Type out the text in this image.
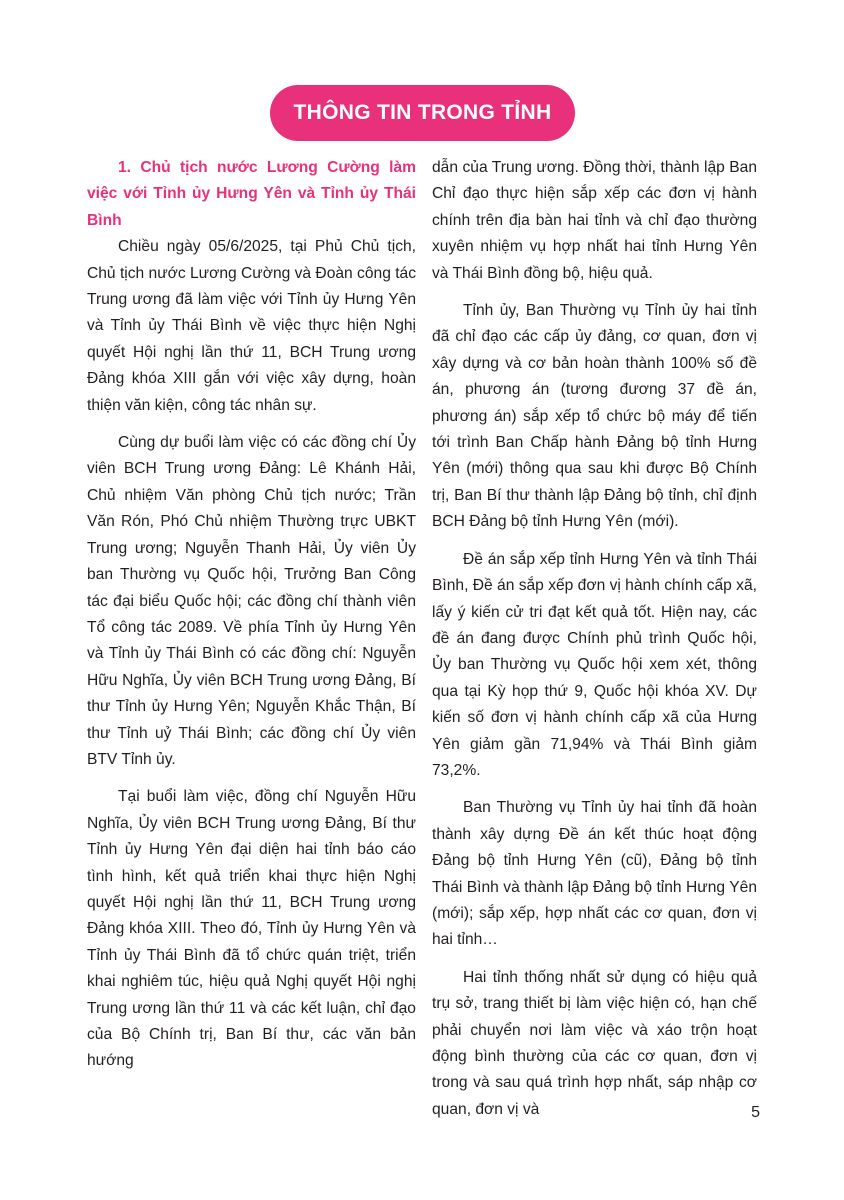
THÔNG TIN TRONG TỈNH
1. Chủ tịch nước Lương Cường làm việc với Tỉnh ủy Hưng Yên và Tỉnh ủy Thái Bình

Chiều ngày 05/6/2025, tại Phủ Chủ tịch, Chủ tịch nước Lương Cường và Đoàn công tác Trung ương đã làm việc với Tỉnh ủy Hưng Yên và Tỉnh ủy Thái Bình về việc thực hiện Nghị quyết Hội nghị lần thứ 11, BCH Trung ương Đảng khóa XIII gắn với việc xây dựng, hoàn thiện văn kiện, công tác nhân sự.

Cùng dự buổi làm việc có các đồng chí Ủy viên BCH Trung ương Đảng: Lê Khánh Hải, Chủ nhiệm Văn phòng Chủ tịch nước; Trần Văn Rón, Phó Chủ nhiệm Thường trực UBKT Trung ương; Nguyễn Thanh Hải, Ủy viên Ủy ban Thường vụ Quốc hội, Trưởng Ban Công tác đại biểu Quốc hội; các đồng chí thành viên Tổ công tác 2089. Về phía Tỉnh ủy Hưng Yên và Tỉnh ủy Thái Bình có các đồng chí: Nguyễn Hữu Nghĩa, Ủy viên BCH Trung ương Đảng, Bí thư Tỉnh ủy Hưng Yên; Nguyễn Khắc Thận, Bí thư Tỉnh uỷ Thái Bình; các đồng chí Ủy viên BTV Tỉnh ủy.

Tại buổi làm việc, đồng chí Nguyễn Hữu Nghĩa, Ủy viên BCH Trung ương Đảng, Bí thư Tỉnh ủy Hưng Yên đại diện hai tỉnh báo cáo tình hình, kết quả triển khai thực hiện Nghị quyết Hội nghị lần thứ 11, BCH Trung ương Đảng khóa XIII. Theo đó, Tỉnh ủy Hưng Yên và Tỉnh ủy Thái Bình đã tổ chức quán triệt, triển khai nghiêm túc, hiệu quả Nghị quyết Hội nghị Trung ương lần thứ 11 và các kết luận, chỉ đạo của Bộ Chính trị, Ban Bí thư, các văn bản hướng

dẫn của Trung ương. Đồng thời, thành lập Ban Chỉ đạo thực hiện sắp xếp các đơn vị hành chính trên địa bàn hai tỉnh và chỉ đạo thường xuyên nhiệm vụ hợp nhất hai tỉnh Hưng Yên và Thái Bình đồng bộ, hiệu quả.

Tỉnh ủy, Ban Thường vụ Tỉnh ủy hai tỉnh đã chỉ đạo các cấp ủy đảng, cơ quan, đơn vị xây dựng và cơ bản hoàn thành 100% số đề án, phương án (tương đương 37 đề án, phương án) sắp xếp tổ chức bộ máy để tiến tới trình Ban Chấp hành Đảng bộ tỉnh Hưng Yên (mới) thông qua sau khi được Bộ Chính trị, Ban Bí thư thành lập Đảng bộ tỉnh, chỉ định BCH Đảng bộ tỉnh Hưng Yên (mới).

Đề án sắp xếp tỉnh Hưng Yên và tỉnh Thái Bình, Đề án sắp xếp đơn vị hành chính cấp xã, lấy ý kiến cử tri đạt kết quả tốt. Hiện nay, các đề án đang được Chính phủ trình Quốc hội, Ủy ban Thường vụ Quốc hội xem xét, thông qua tại Kỳ họp thứ 9, Quốc hội khóa XV. Dự kiến số đơn vị hành chính cấp xã của Hưng Yên giảm gần 71,94% và Thái Bình giảm 73,2%.

Ban Thường vụ Tỉnh ủy hai tỉnh đã hoàn thành xây dựng Đề án kết thúc hoạt động Đảng bộ tỉnh Hưng Yên (cũ), Đảng bộ tỉnh Thái Bình và thành lập Đảng bộ tỉnh Hưng Yên (mới); sắp xếp, hợp nhất các cơ quan, đơn vị hai tỉnh…

Hai tỉnh thống nhất sử dụng có hiệu quả trụ sở, trang thiết bị làm việc hiện có, hạn chế phải chuyển nơi làm việc và xáo trộn hoạt động bình thường của các cơ quan, đơn vị trong và sau quá trình hợp nhất, sáp nhập cơ quan, đơn vị và	5
